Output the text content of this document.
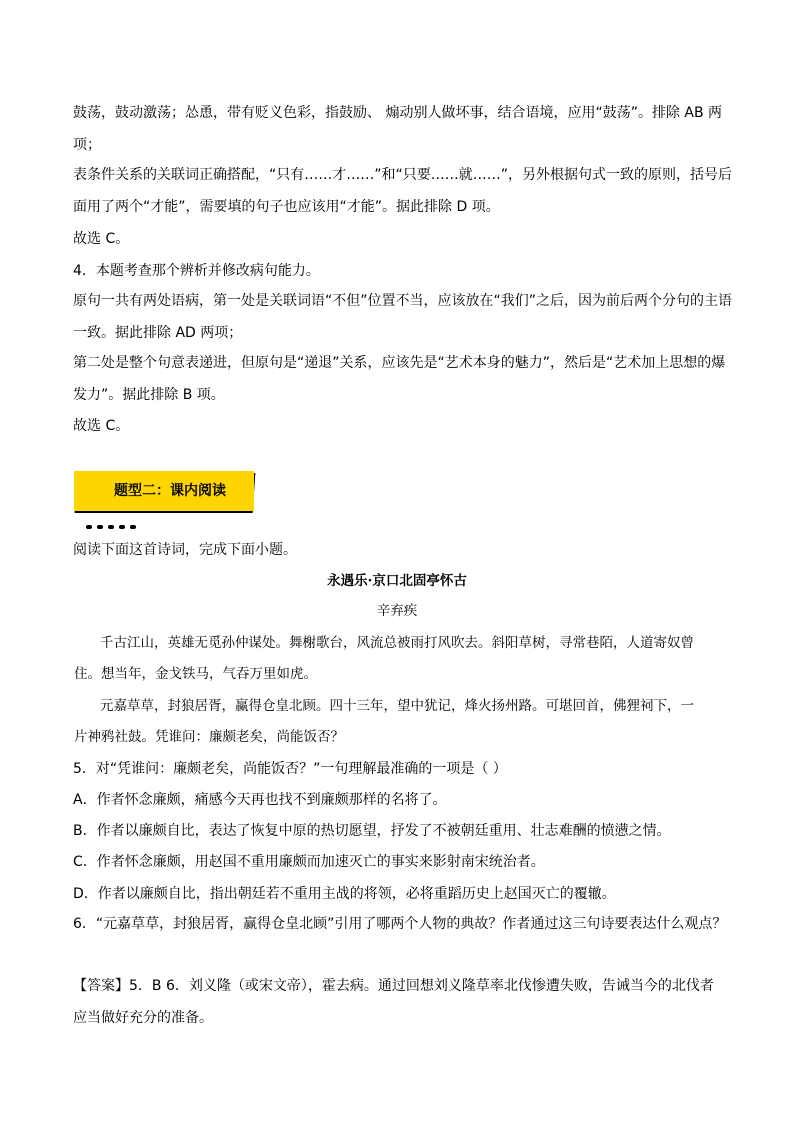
鼓荡，鼓动激荡；怂恿，带有贬义色彩，指鼓励、 煽动别人做坏事，结合语境，应用“鼓荡”。排除 AB 两

项；

表条件关系的关联词正确搭配，“只有……才……”和“只要……就……”，另外根据句式一致的原则，括号后

面用了两个“才能”，需要填的句子也应该用“才能”。据此排除 D 项。

故选 C。

4．本题考查那个辨析并修改病句能力。

原句一共有两处语病，第一处是关联词语“不但”位置不当，应该放在“我们”之后，因为前后两个分句的主语

一致。据此排除 AD 两项；

第二处是整个句意表递进，但原句是“递退”关系，应该先是“艺术本身的魅力”，然后是“艺术加上思想的爆

发力”。据此排除 B 项。

故选 C。

题型二：课内阅读

阅读下面这首诗词，完成下面小题。

永遇乐·京口北固亭怀古

辛弃疾

千古江山，英雄无觅孙仲谋处。舞榭歌台，风流总被雨打风吹去。斜阳草树，寻常巷陌，人道寄奴曾

住。想当年，金戈铁马，气吞万里如虎。

元嘉草草，封狼居胥，赢得仓皇北顾。四十三年，望中犹记，烽火扬州路。可堪回首，佛狸祠下，一

片神鸦社鼓。凭谁问：廉颇老矣，尚能饭否？

5．对“凭谁问：廉颇老矣，尚能饭否？”一句理解最准确的一项是（ ）

A．作者怀念廉颇，痛感今天再也找不到廉颇那样的名将了。

B．作者以廉颇自比，表达了恢复中原的热切愿望，抒发了不被朝廷重用、壮志难酬的愤懑之情。

C．作者怀念廉颇，用赵国不重用廉颇而加速灭亡的事实来影射南宋统治者。

D．作者以廉颇自比，指出朝廷若不重用主战的将领，必将重蹈历史上赵国灭亡的覆辙。

6．“元嘉草草，封狼居胥，赢得仓皇北顾”引用了哪两个人物的典故？作者通过这三句诗要表达什么观点？

【答案】5．B 6．刘义隆（或宋文帝），霍去病。通过回想刘义隆草率北伐惨遭失败，告诫当今的北伐者

应当做好充分的准备。
